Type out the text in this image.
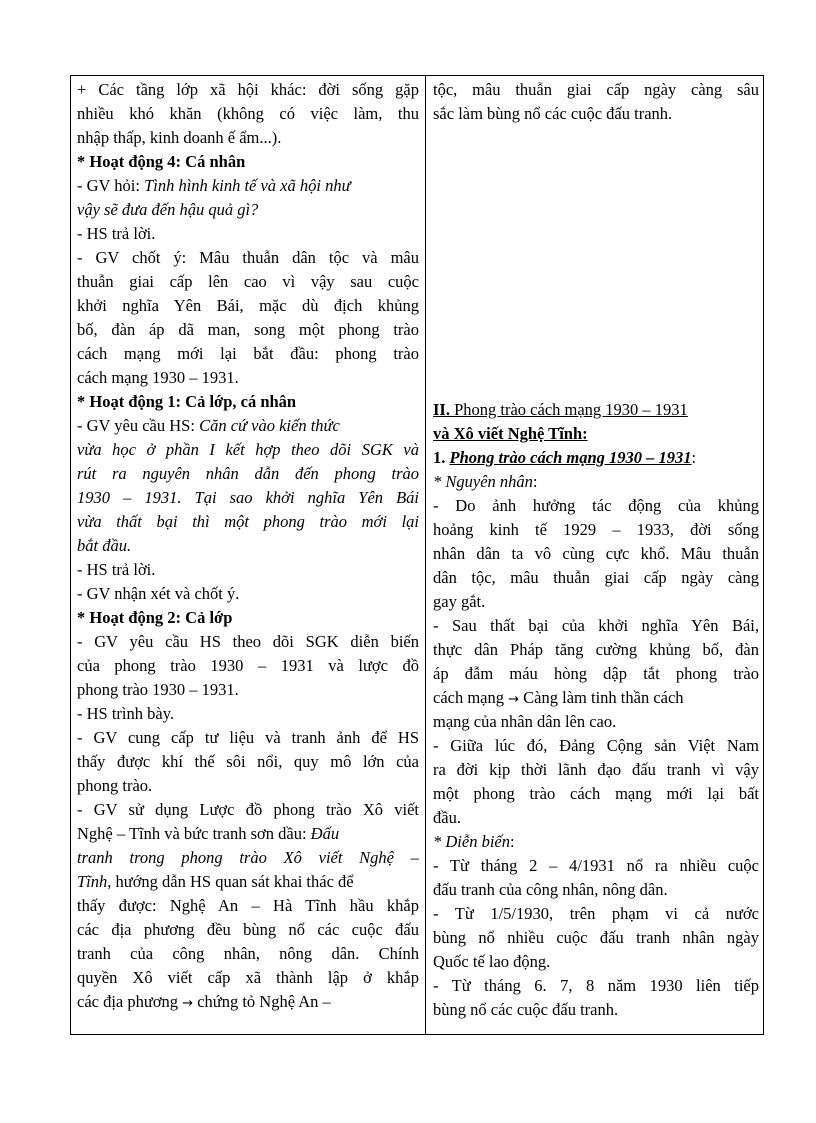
+ Các tầng lớp xã hội khác: đời sống gặp
nhiều khó khăn (không có việc làm, thu
nhập thấp, kinh doanh ế ẩm...).
* Hoạt động 4: Cá nhân
- GV hỏi: Tình hình kinh tế và xã hội như
vậy sẽ đưa đến hậu quả gì?
- HS trả lời.
- GV chốt ý: Mâu thuẫn dân tộc và mâu
thuẫn giai cấp lên cao vì vậy sau cuộc
khởi nghĩa Yên Bái, mặc dù địch khủng
bố, đàn áp dã man, song một phong trào
cách mạng mới lại bắt đầu: phong trào
cách mạng 1930 – 1931.
* Hoạt động 1: Cả lớp, cá nhân
- GV yêu cầu HS: Căn cứ vào kiến thức
vừa học ở phần I kết hợp theo dõi SGK và
rút ra nguyên nhân dẫn đến phong trào
1930 – 1931. Tại sao khởi nghĩa Yên Bái
vừa thất bại thì một phong trào mới lại
bắt đầu.
- HS trả lời.
- GV nhận xét và chốt ý.
* Hoạt động 2: Cả lớp
- GV yêu cầu HS theo dõi SGK diễn biến
của phong trào 1930 – 1931 và lược đồ
phong trào 1930 – 1931.
- HS trình bày.
- GV cung cấp tư liệu và tranh ảnh để HS
thấy được khí thế sôi nổi, quy mô lớn của
phong trào.
- GV sử dụng Lược đồ phong trào Xô viết
Nghệ – Tĩnh và bức tranh sơn dầu: Đấu
tranh trong phong trào Xô viết Nghệ –
Tĩnh, hướng dẫn HS quan sát khai thác để
thấy được: Nghệ An – Hà Tĩnh hầu khắp
các địa phương đều bùng nổ các cuộc đấu
tranh của công nhân, nông dân. Chính
quyền Xô viết cấp xã thành lập ở khắp
các địa phương → chứng tỏ Nghệ An –
tộc, mâu thuẫn giai cấp ngày càng sâu
sắc làm bùng nổ các cuộc đấu tranh.
II. Phong trào cách mạng 1930 – 1931
và Xô viết Nghệ Tĩnh:
1. Phong trào cách mạng 1930 – 1931:
* Nguyên nhân:
- Do ảnh hưởng tác động của khủng
hoảng kinh tế 1929 – 1933, đời sống
nhân dân ta vô cùng cực khổ. Mâu thuẫn
dân tộc, mâu thuẫn giai cấp ngày càng
gay gắt.
- Sau thất bại của khởi nghĩa Yên Bái,
thực dân Pháp tăng cường khủng bố, đàn
áp đẫm máu hòng dập tắt phong trào
cách mạng → Càng làm tinh thần cách
mạng của nhân dân lên cao.
- Giữa lúc đó, Đảng Cộng sản Việt Nam
ra đời kịp thời lãnh đạo đấu tranh vì vậy
một phong trào cách mạng mới lại bất
đầu.
* Diễn biến:
- Từ tháng 2 – 4/1931 nổ ra nhiều cuộc
đấu tranh của công nhân, nông dân.
- Từ 1/5/1930, trên phạm vi cả nước
bùng nổ nhiều cuộc đấu tranh nhân ngày
Quốc tế lao động.
- Từ tháng 6. 7, 8 năm 1930 liên tiếp
bùng nổ các cuộc đấu tranh.
